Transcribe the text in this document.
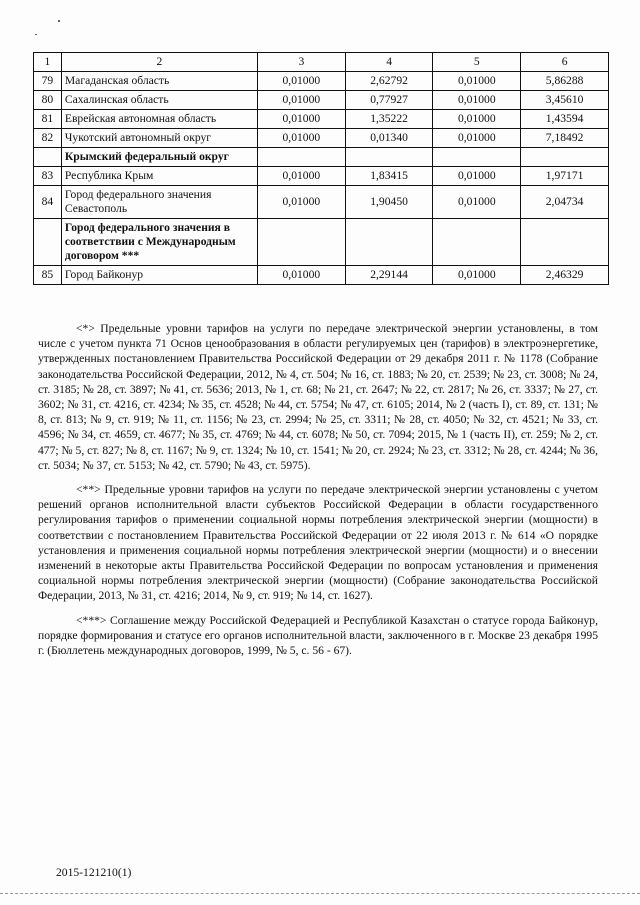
1	2	3	4	5	6
79	Магаданская область	0,01000	2,62792	0,01000	5,86288
80	Сахалинская область	0,01000	0,77927	0,01000	3,45610
81	Еврейская автономная область	0,01000	1,35222	0,01000	1,43594
82	Чукотский автономный округ	0,01000	0,01340	0,01000	7,18492
	Крымский федеральный округ				
83	Республика Крым	0,01000	1,83415	0,01000	1,97171
84	Город федерального значения Севастополь	0,01000	1,90450	0,01000	2,04734
	Город федерального значения в соответствии с Международным договором ***				
85	Город Байконур	0,01000	2,29144	0,01000	2,46329

<*> Предельные уровни тарифов на услуги по передаче электрической энергии установлены, в том числе с учетом пункта 71 Основ ценообразования в области регулируемых цен (тарифов) в электроэнергетике, утвержденных постановлением Правительства Российской Федерации от 29 декабря 2011 г. № 1178 (Собрание законодательства Российской Федерации, 2012, № 4, ст. 504; № 16, ст. 1883; № 20, ст. 2539; № 23, ст. 3008; № 24, ст. 3185; № 28, ст. 3897; № 41, ст. 5636; 2013, № 1, ст. 68; № 21, ст. 2647; № 22, ст. 2817; № 26, ст. 3337; № 27, ст. 3602; № 31, ст. 4216, ст. 4234; № 35, ст. 4528; № 44, ст. 5754; № 47, ст. 6105; 2014, № 2 (часть I), ст. 89, ст. 131; № 8, ст. 813; № 9, ст. 919; № 11, ст. 1156; № 23, ст. 2994; № 25, ст. 3311; № 28, ст. 4050; № 32, ст. 4521; № 33, ст. 4596; № 34, ст. 4659, ст. 4677; № 35, ст. 4769; № 44, ст. 6078; № 50, ст. 7094; 2015, № 1 (часть II), ст. 259; № 2, ст. 477; № 5, ст. 827; № 8, ст. 1167; № 9, ст. 1324; № 10, ст. 1541; № 20, ст. 2924; № 23, ст. 3312; № 28, ст. 4244; № 36, ст. 5034; № 37, ст. 5153; № 42, ст. 5790; № 43, ст. 5975).

<**> Предельные уровни тарифов на услуги по передаче электрической энергии установлены с учетом решений органов исполнительной власти субъектов Российской Федерации в области государственного регулирования тарифов о применении социальной нормы потребления электрической энергии (мощности) в соответствии с постановлением Правительства Российской Федерации от 22 июля 2013 г. № 614 «О порядке установления и применения социальной нормы потребления электрической энергии (мощности) и о внесении изменений в некоторые акты Правительства Российской Федерации по вопросам установления и применения социальной нормы потребления электрической энергии (мощности) (Собрание законодательства Российской Федерации, 2013, № 31, ст. 4216; 2014, № 9, ст. 919; № 14, ст. 1627).

<***> Соглашение между Российской Федерацией и Республикой Казахстан о статусе города Байконур, порядке формирования и статусе его органов исполнительной власти, заключенного в г. Москве 23 декабря 1995 г. (Бюллетень международных договоров, 1999, № 5, с. 56 - 67).

2015-121210(1)
